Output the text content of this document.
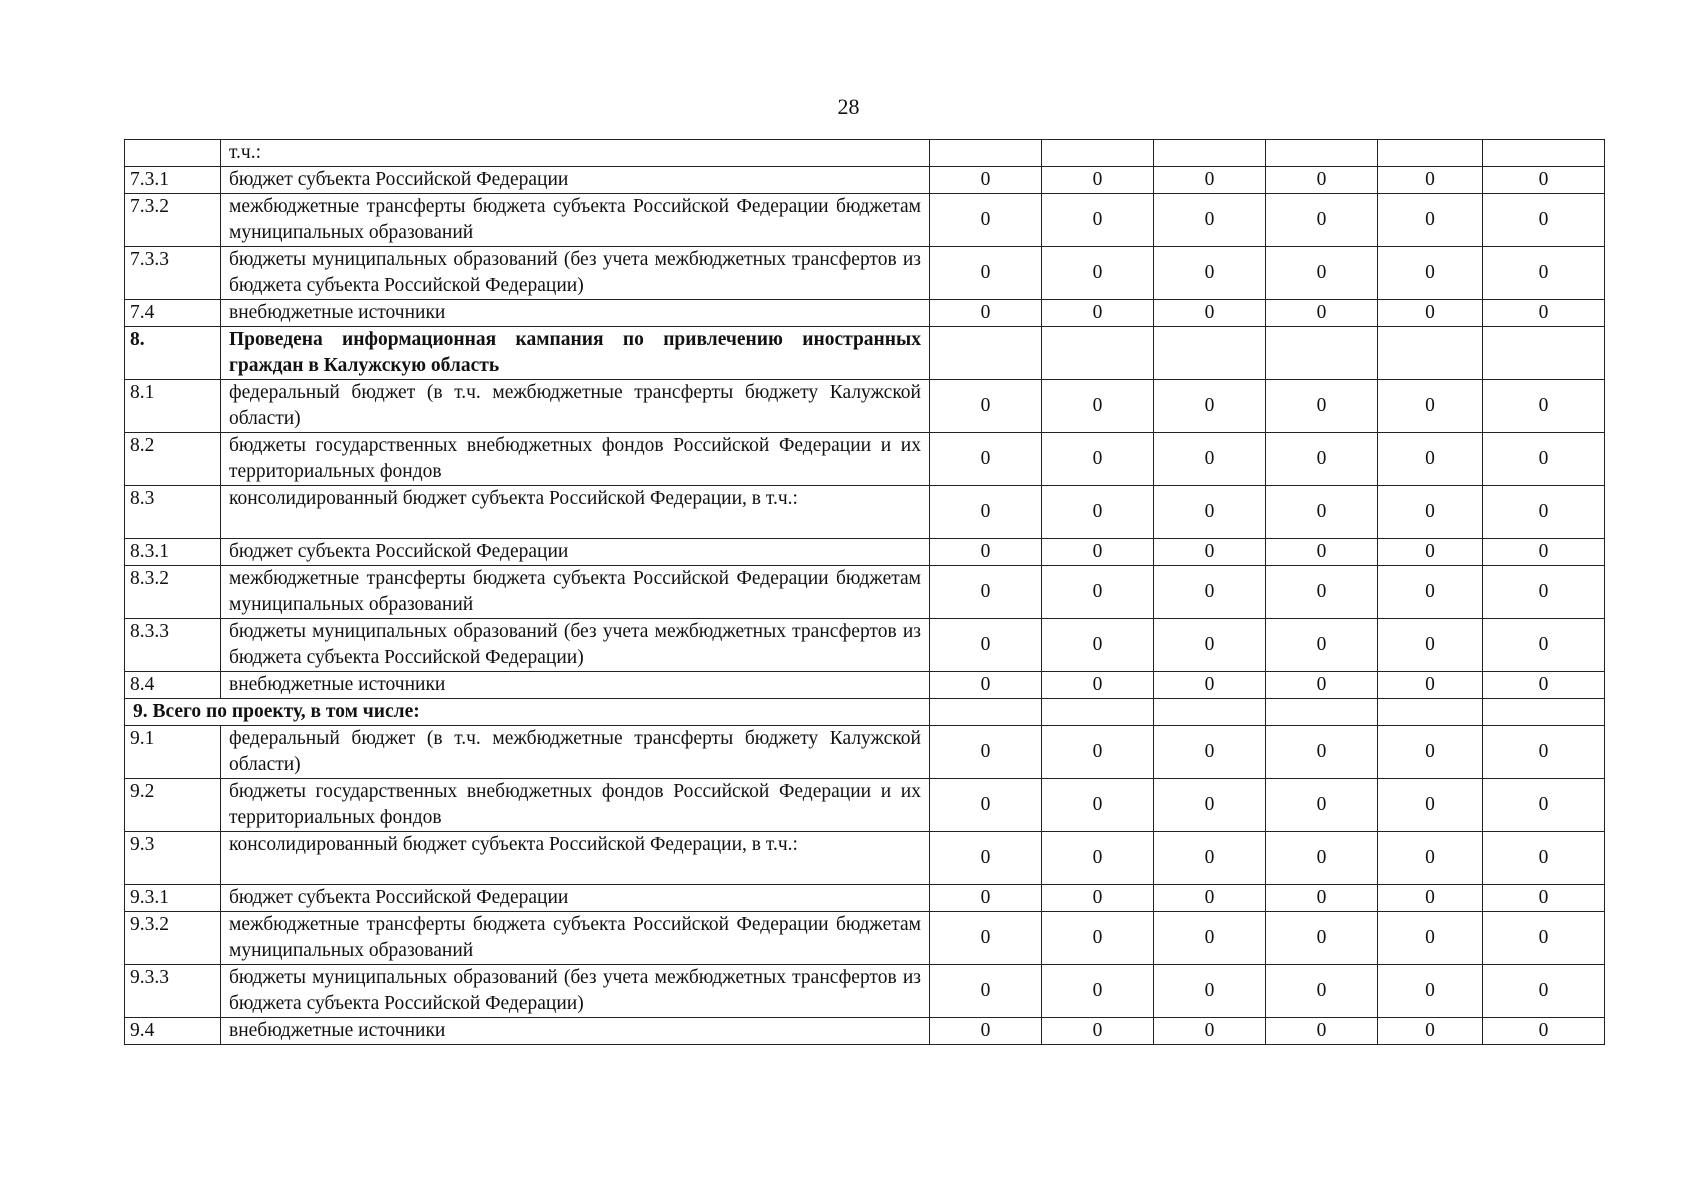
28
	т.ч.:						
7.3.1	бюджет субъекта Российской Федерации	0	0	0	0	0	0
7.3.2	межбюджетные трансферты бюджета субъекта Российской Федерации бюджетам муниципальных образований	0	0	0	0	0	0
7.3.3	бюджеты муниципальных образований (без учета межбюджетных трансфертов из бюджета субъекта Российской Федерации)	0	0	0	0	0	0
7.4	внебюджетные источники	0	0	0	0	0	0
8.	Проведена информационная кампания по привлечению иностранных граждан в Калужскую область						
8.1	федеральный бюджет (в т.ч. межбюджетные трансферты бюджету Калужской области)	0	0	0	0	0	0
8.2	бюджеты государственных внебюджетных фондов Российской Федерации и их территориальных фондов	0	0	0	0	0	0
8.3	консолидированный бюджет субъекта Российской Федерации, в т.ч.:	0	0	0	0	0	0
8.3.1	бюджет субъекта Российской Федерации	0	0	0	0	0	0
8.3.2	межбюджетные трансферты бюджета субъекта Российской Федерации бюджетам муниципальных образований	0	0	0	0	0	0
8.3.3	бюджеты муниципальных образований (без учета межбюджетных трансфертов из бюджета субъекта Российской Федерации)	0	0	0	0	0	0
8.4	внебюджетные источники	0	0	0	0	0	0
9. Всего по проекту, в том числе:							
9.1	федеральный бюджет (в т.ч. межбюджетные трансферты бюджету Калужской области)	0	0	0	0	0	0
9.2	бюджеты государственных внебюджетных фондов Российской Федерации и их территориальных фондов	0	0	0	0	0	0
9.3	консолидированный бюджет субъекта Российской Федерации, в т.ч.:	0	0	0	0	0	0
9.3.1	бюджет субъекта Российской Федерации	0	0	0	0	0	0
9.3.2	межбюджетные трансферты бюджета субъекта Российской Федерации бюджетам муниципальных образований	0	0	0	0	0	0
9.3.3	бюджеты муниципальных образований (без учета межбюджетных трансфертов из бюджета субъекта Российской Федерации)	0	0	0	0	0	0
9.4	внебюджетные источники	0	0	0	0	0	0
